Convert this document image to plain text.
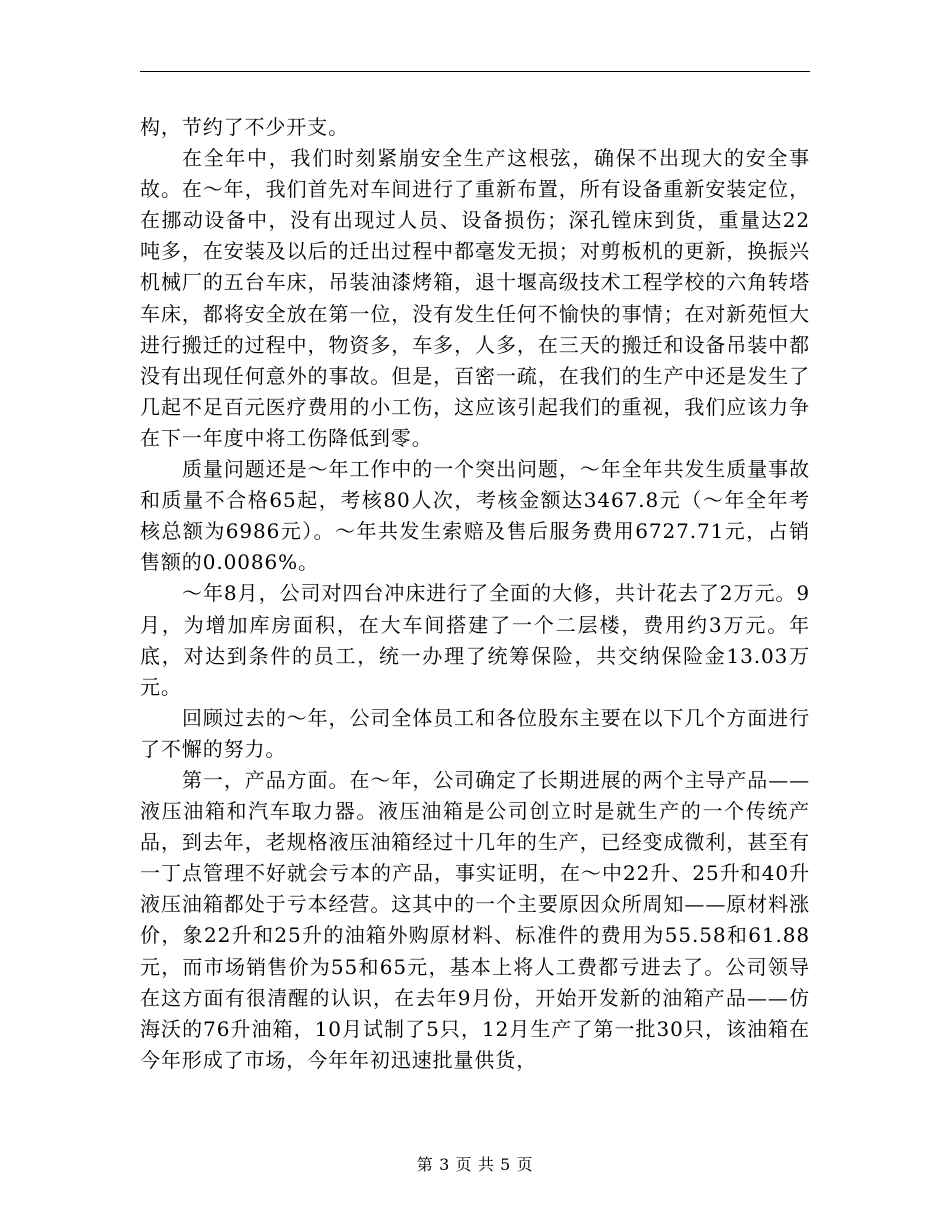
构，节约了不少开支。

在全年中，我们时刻紧崩安全生产这根弦，确保不出现大的安全事故。在～年，我们首先对车间进行了重新布置，所有设备重新安装定位，在挪动设备中，没有出现过人员、设备损伤；深孔镗床到货，重量达22吨多，在安装及以后的迁出过程中都毫发无损；对剪板机的更新，换振兴机械厂的五台车床，吊装油漆烤箱，退十堰高级技术工程学校的六角转塔车床，都将安全放在第一位，没有发生任何不愉快的事情；在对新苑恒大进行搬迁的过程中，物资多，车多，人多，在三天的搬迁和设备吊装中都没有出现任何意外的事故。但是，百密一疏，在我们的生产中还是发生了几起不足百元医疗费用的小工伤，这应该引起我们的重视，我们应该力争在下一年度中将工伤降低到零。

质量问题还是～年工作中的一个突出问题，～年全年共发生质量事故和质量不合格65起，考核80人次，考核金额达3467.8元（～年全年考核总额为6986元）。～年共发生索赔及售后服务费用6727.71元，占销售额的0.0086%。

～年8月，公司对四台冲床进行了全面的大修，共计花去了2万元。9月，为增加库房面积，在大车间搭建了一个二层楼，费用约3万元。年底，对达到条件的员工，统一办理了统筹保险，共交纳保险金13.03万元。

回顾过去的～年，公司全体员工和各位股东主要在以下几个方面进行了不懈的努力。

第一，产品方面。在～年，公司确定了长期进展的两个主导产品——液压油箱和汽车取力器。液压油箱是公司创立时是就生产的一个传统产品，到去年，老规格液压油箱经过十几年的生产，已经变成微利，甚至有一丁点管理不好就会亏本的产品，事实证明，在～中22升、25升和40升液压油箱都处于亏本经营。这其中的一个主要原因众所周知——原材料涨价，象22升和25升的油箱外购原材料、标准件的费用为55.58和61.88元，而市场销售价为55和65元，基本上将人工费都亏进去了。公司领导在这方面有很清醒的认识，在去年9月份，开始开发新的油箱产品——仿海沃的76升油箱，10月试制了5只，12月生产了第一批30只，该油箱在今年形成了市场，今年年初迅速批量供货，

第 3 页 共 5 页
